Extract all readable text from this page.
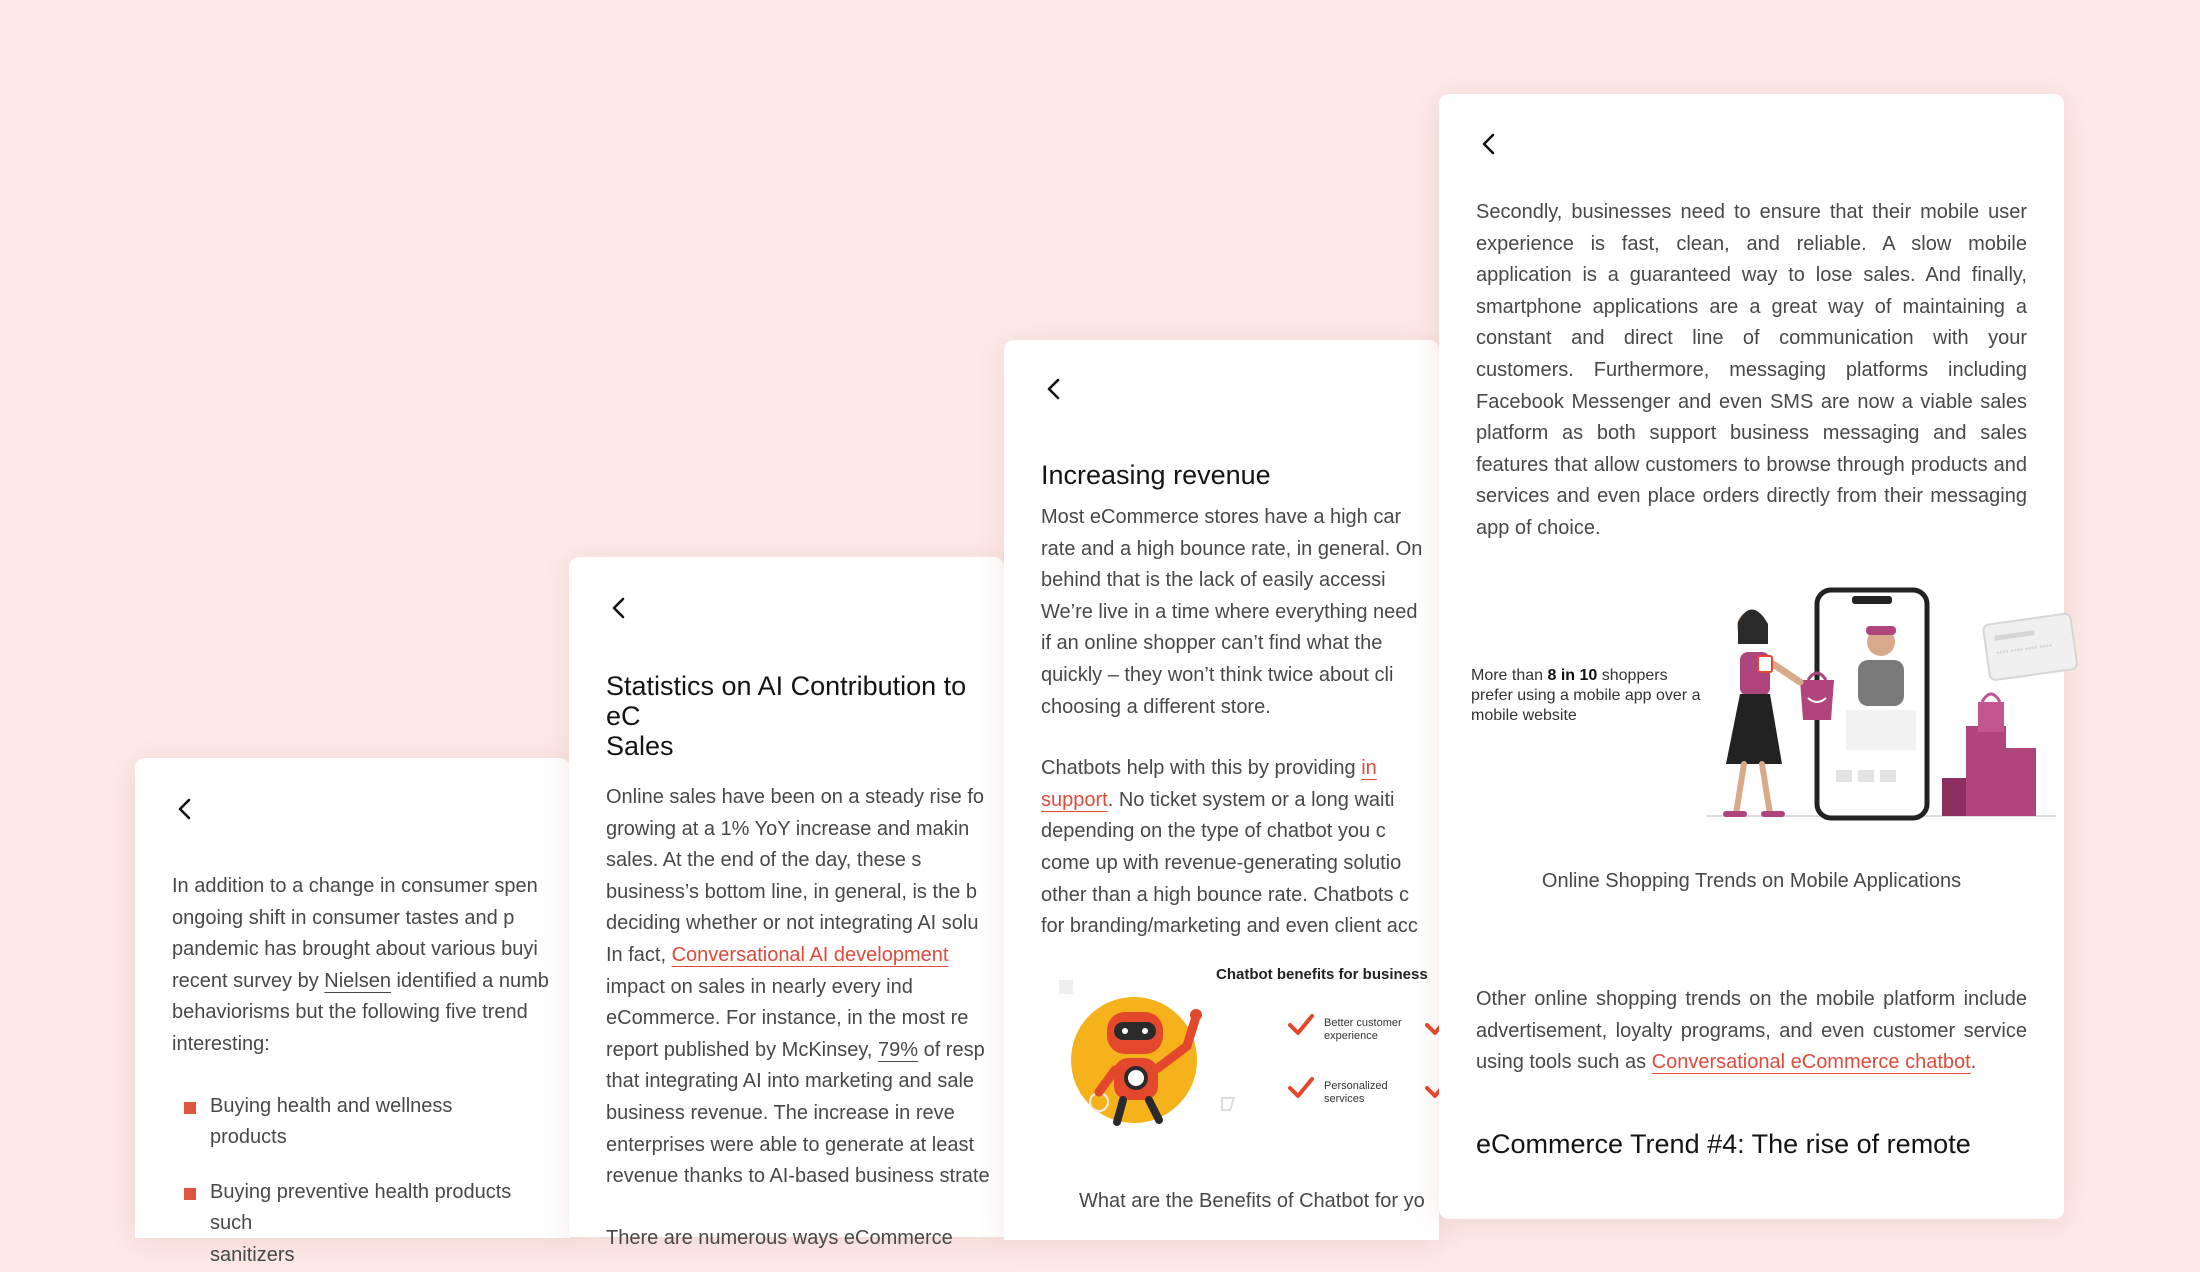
In addition to a change in consumer spen
ongoing shift in consumer tastes and p
pandemic has brought about various buyi
recent survey by Nielsen identified a numb
behaviorisms but the following five trend
interesting:
Buying health and wellness products
Buying preventive health products such
sanitizers
Statistics on AI Contribution to eC
Sales
Online sales have been on a steady rise fo
growing at a 1% YoY increase and makin
sales. At the end of the day, these s
business’s bottom line, in general, is the b
deciding whether or not integrating AI solu
In fact, Conversational AI development
impact on sales in nearly every ind
eCommerce. For instance, in the most re
report published by McKinsey, 79% of resp
that integrating AI into marketing and sale
business revenue. The increase in reve
enterprises were able to generate at least
revenue thanks to AI-based business strate
There are numerous ways eCommerce
Increasing revenue
Most eCommerce stores have a high car
rate and a high bounce rate, in general. On
behind that is the lack of easily accessi
We’re live in a time where everything need
if an online shopper can’t find what the
quickly – they won’t think twice about cli
choosing a different store.
Chatbots help with this by providing in
support. No ticket system or a long waiti
depending on the type of chatbot you c
come up with revenue-generating solutio
other than a high bounce rate. Chatbots c
for branding/marketing and even client acc
Chatbot benefits for business
Better customer experience
Personalized services
What are the Benefits of Chatbot for yo

Secondly, businesses need to ensure that their mobile user experience is fast, clean, and reliable. A slow mobile application is a guaranteed way to lose sales. And finally, smartphone applications are a great way of maintaining a constant and direct line of communication with your customers. Furthermore, messaging platforms including Facebook Messenger and even SMS are now a viable sales platform as both support business messaging and sales features that allow customers to browse through products and services and even place orders directly from their messaging app of choice.

More than 8 in 10 shoppers prefer using a mobile app over a mobile website
**** **** **** ****
Online Shopping Trends on Mobile Applications

Other online shopping trends on the mobile platform include advertisement, loyalty programs, and even customer service using tools such as Conversational eCommerce chatbot.

eCommerce Trend #4: The rise of remote
